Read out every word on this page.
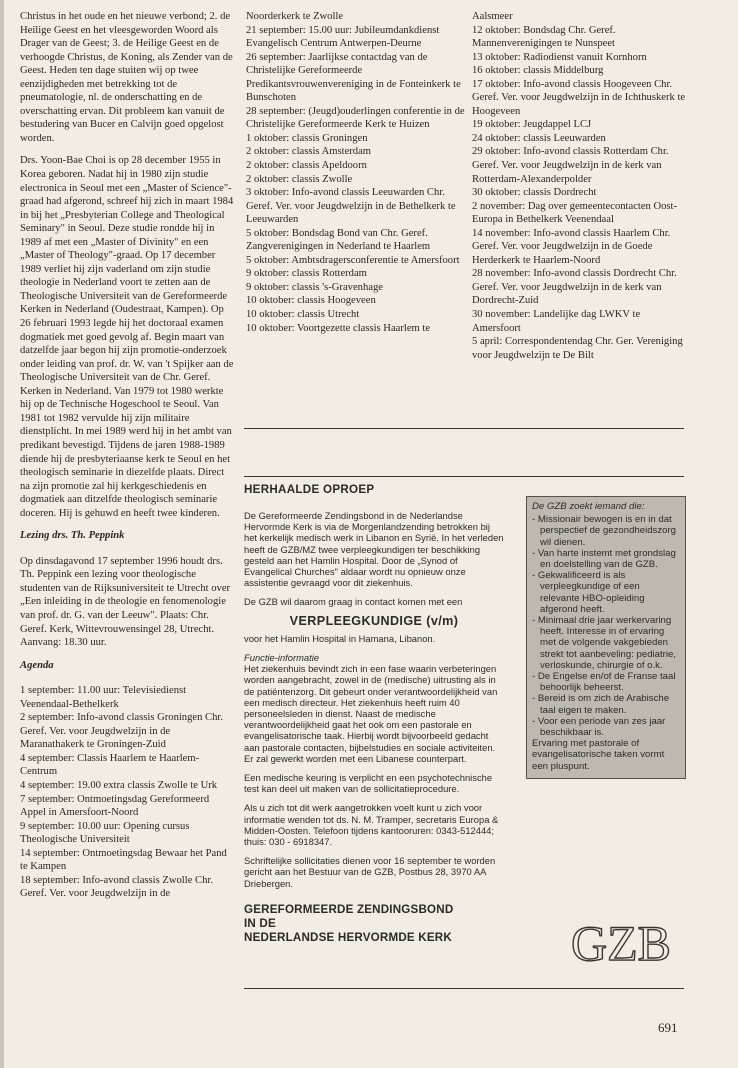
Christus in het oude en het nieuwe verbond; 2. de Heilige Geest en het vleesgeworden Woord als Drager van de Geest; 3. de Heilige Geest en de verhoogde Christus, de Koning, als Zender van de Geest. Heden ten dage stuiten wij op twee eenzijdigheden met betrekking tot de pneumatologie, nl. de onderschatting en de overschatting ervan. Dit probleem kan vanuit de bestudering van Bucer en Calvijn goed opgelost worden.

Drs. Yoon-Bae Choi is op 28 december 1955 in Korea geboren. Nadat hij in 1980 zijn studie electronica in Seoul met een „Master of Science"-graad had afgerond, schreef hij zich in maart 1984 in bij het „Presbyterian College and Theological Seminary" in Seoul. Deze studie rondde hij in 1989 af met een „Master of Divinity" en een „Master of Theology"-graad. Op 17 december 1989 verliet hij zijn vaderland om zijn studie theologie in Nederland voort te zetten aan de Theologische Universiteit van de Gereformeerde Kerken in Nederland (Oudestraat, Kampen). Op 26 februari 1993 legde hij het doctoraal examen dogmatiek met goed gevolg af. Begin maart van datzelfde jaar begon hij zijn promotie-onderzoek onder leiding van prof. dr. W. van 't Spijker aan de Theologische Universiteit van de Chr. Geref. Kerken in Nederland. Van 1979 tot 1980 werkte hij op de Technische Hogeschool te Seoul. Van 1981 tot 1982 vervulde hij zijn militaire dienstplicht. In mei 1989 werd hij in het ambt van predikant bevestigd. Tijdens de jaren 1988-1989 diende hij de presbyteriaanse kerk te Seoul en het theologisch seminarie in diezelfde plaats. Direct na zijn promotie zal hij kerkgeschiedenis en dogmatiek aan ditzelfde theologisch seminarie doceren. Hij is gehuwd en heeft twee kinderen.

Lezing drs. Th. Peppink

Op dinsdagavond 17 september 1996 houdt drs. Th. Peppink een lezing voor theologische studenten van de Rijksuniversiteit te Utrecht over „Een inleiding in de theologie en fenomenologie van prof. dr. G. van der Leeuw". Plaats: Chr. Geref. Kerk, Wittevrouwensingel 28, Utrecht. Aanvang: 18.30 uur.

Agenda

1 september: 11.00 uur: Televisiedienst Veenendaal-Bethelkerk
2 september: Info-avond classis Groningen Chr. Geref. Ver. voor Jeugdwelzijn in de Maranathakerk te Groningen-Zuid
4 september: Classis Haarlem te Haarlem-Centrum
4 september: 19.00 extra classis Zwolle te Urk
7 september: Ontmoetingsdag Gereformeerd Appel in Amersfoort-Noord
9 september: 10.00 uur: Opening cursus Theologische Universiteit
14 september: Ontmoetingsdag Bewaar het Pand te Kampen
18 september: Info-avond classis Zwolle Chr. Geref. Ver. voor Jeugdwelzijn in de
Noorderkerk te Zwolle
21 september: 15.00 uur: Jubileumdankdienst Evangelisch Centrum Antwerpen-Deurne
26 september: Jaarlijkse contactdag van de Christelijke Gereformeerde Predikantsvrouwenvereniging in de Fonteinkerk te Bunschoten
28 september: (Jeugd)ouderlingen conferentie in de Christelijke Gereformeerde Kerk te Huizen
1 oktober: classis Groningen
2 oktober: classis Amsterdam
2 oktober: classis Apeldoorn
2 oktober: classis Zwolle
3 oktober: Info-avond classis Leeuwarden Chr. Geref. Ver. voor Jeugdwelzijn in de Bethelkerk te Leeuwarden
5 oktober: Bondsdag Bond van Chr. Geref. Zangverenigingen in Nederland te Haarlem
5 oktober: Ambtsdragersconferentie te Amersfoort
9 oktober: classis Rotterdam
9 oktober: classis 's-Gravenhage
10 oktober: classis Hoogeveen
10 oktober: classis Utrecht
10 oktober: Voortgezette classis Haarlem te
Aalsmeer
12 oktober: Bondsdag Chr. Geref. Mannenverenigingen te Nunspeet
13 oktober: Radiodienst vanuit Kornhorn
16 oktober: classis Middelburg
17 oktober: Info-avond classis Hoogeveen Chr. Geref. Ver. voor Jeugdwelzijn in de Ichthuskerk te Hoogeveen
19 oktober: Jeugdappel LCJ
24 oktober: classis Leeuwarden
29 oktober: Info-avond classis Rotterdam Chr. Geref. Ver. voor Jeugdwelzijn in de kerk van Rotterdam-Alexanderpolder
30 oktober: classis Dordrecht
2 november: Dag over gemeentecontacten Oost-Europa in Bethelkerk Veenendaal
14 november: Info-avond classis Haarlem Chr. Geref. Ver. voor Jeugdwelzijn in de Goede Herderkerk te Haarlem-Noord
28 november: Info-avond classis Dordrecht Chr. Geref. Ver. voor Jeugdwelzijn in de kerk van Dordrecht-Zuid
30 november: Landelijke dag LWKV te Amersfoort
5 april: Correspondentendag Chr. Ger. Vereniging voor Jeugdwelzijn te De Bilt
HERHAALDE OPROEP

De Gereformeerde Zendingsbond in de Nederlandse Hervormde Kerk is via de Morgenlandzending betrokken bij het kerkelijk medisch werk in Libanon en Syrië. In het verleden heeft de GZB/MZ twee verpleegkundigen ter beschikking gesteld aan het Hamlin Hospital. Door de „Synod of Evangelical Churches" aldaar wordt nu opnieuw onze assistentie gevraagd voor dit ziekenhuis.

De GZB wil daarom graag in contact komen met een

VERPLEEGKUNDIGE (v/m)

voor het Hamlin Hospital in Hamana, Libanon.

Functie-informatie

Het ziekenhuis bevindt zich in een fase waarin verbeteringen worden aangebracht, zowel in de (medische) uitrusting als in de patiëntenzorg. Dit gebeurt onder verantwoordelijkheid van een medisch directeur. Het ziekenhuis heeft ruim 40 personeelsleden in dienst. Naast de medische verantwoordelijkheid gaat het ook om een pastorale en evangelisatorische taak. Hierbij wordt bijvoorbeeld gedacht aan pastorale contacten, bijbelstudies en sociale activiteiten. Er zal gewerkt worden met een Libanese counterpart.

Een medische keuring is verplicht en een psychotechnische test kan deel uit maken van de sollicitatieprocedure.

Als u zich tot dit werk aangetrokken voelt kunt u zich voor informatie wenden tot ds. N. M. Tramper, secretaris Europa & Midden-Oosten. Telefoon tijdens kantooruren: 0343-512444; thuis: 030 - 6918347.

Schriftelijke sollicitaties dienen voor 16 september te worden gericht aan het Bestuur van de GZB, Postbus 28, 3970 AA Driebergen.

GEREFORMEERDE ZENDINGSBOND
IN DE
NEDERLANDSE HERVORMDE KERK
De GZB zoekt iemand die:
- Missionair bewogen is en in dat perspectief de gezondheidszorg wil dienen.
- Van harte instemt met grondslag en doelstelling van de GZB.
- Gekwalificeerd is als verpleegkundige of een relevante HBO-opleiding afgerond heeft.
- Minimaal drie jaar werkervaring heeft. Interesse in of ervaring met de volgende vakgebieden strekt tot aanbeveling: pediatrie, verloskunde, chirurgie of o.k.
- De Engelse en/of de Franse taal behoorlijk beheerst.
- Bereid is om zich de Arabische taal eigen te maken.
- Voor een periode van zes jaar beschikbaar is.
Ervaring met pastorale of evangelisatorische taken vormt een pluspunt.
GZB
691
